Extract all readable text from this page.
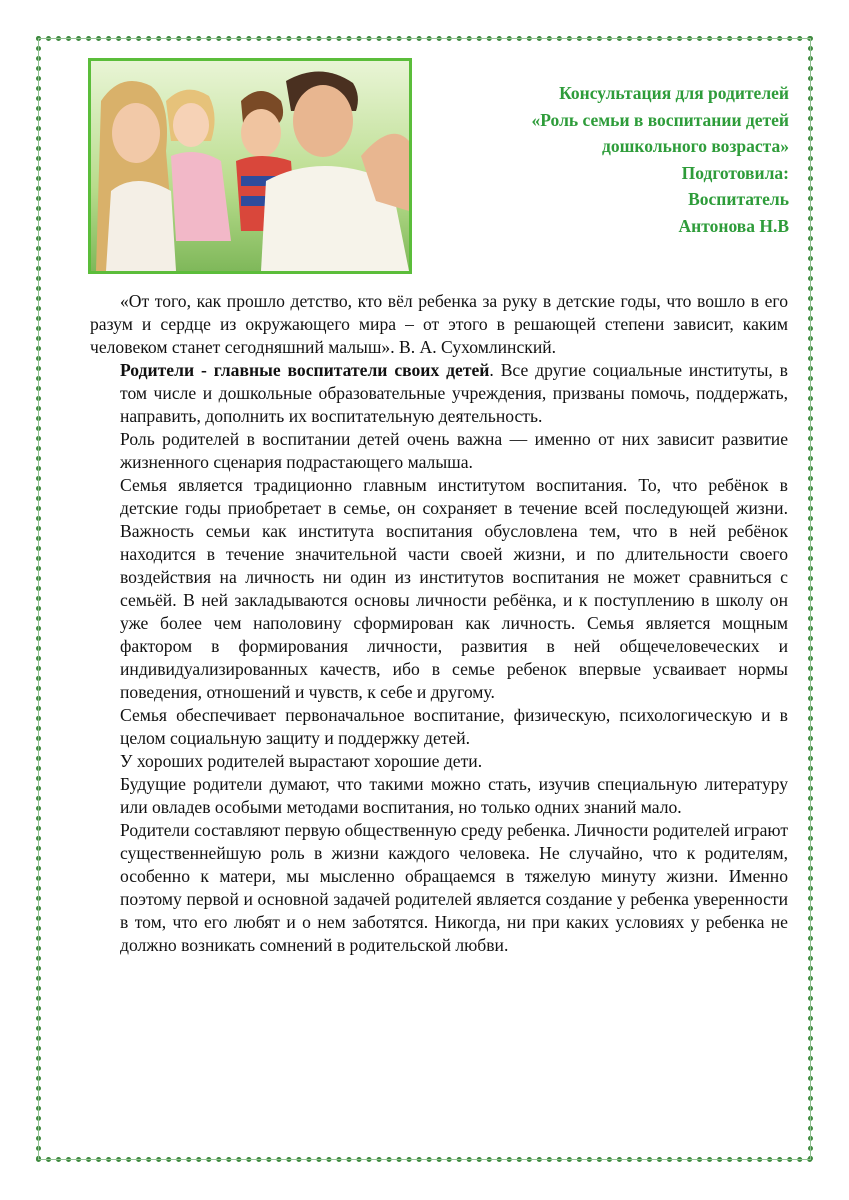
Консультация для родителей
«Роль семьи в воспитании детей
дошкольного возраста»
Подготовила:
Воспитатель
Антонова Н.В

«От того, как прошло детство, кто вёл ребенка за руку в детские годы, что вошло в его разум и сердце из окружающего мира – от этого в решающей степени зависит, каким человеком станет сегодняшний малыш». В. А. Сухомлинский.

Родители - главные воспитатели своих детей. Все другие социальные институты, в том числе и дошкольные образовательные учреждения, призваны помочь, поддержать, направить, дополнить их воспитательную деятельность.

Роль родителей в воспитании детей очень важна — именно от них зависит развитие жизненного сценария подрастающего малыша.

Семья является традиционно главным институтом воспитания. То, что ребёнок в детские годы приобретает в семье, он сохраняет в течение всей последующей жизни. Важность семьи как института воспитания обусловлена тем, что в ней ребёнок находится в течение значительной части своей жизни, и по длительности своего воздействия на личность ни один из институтов воспитания не может сравниться с семьёй. В ней закладываются основы личности ребёнка, и к поступлению в школу он уже более чем наполовину сформирован как личность. Семья является мощным фактором в формирования личности, развития в ней общечеловеческих и индивидуализированных качеств, ибо в семье ребенок впервые усваивает нормы поведения, отношений и чувств, к себе и другому.

Семья обеспечивает первоначальное воспитание, физическую, психологическую и в целом социальную защиту и поддержку детей.

У хороших родителей вырастают хорошие дети.

Будущие родители думают, что такими можно стать, изучив специальную литературу или овладев особыми методами воспитания, но только одних знаний мало.

Родители составляют первую общественную среду ребенка. Личности родителей играют существеннейшую роль в жизни каждого человека. Не случайно, что к родителям, особенно к матери, мы мысленно обращаемся в тяжелую минуту жизни. Именно поэтому первой и основной задачей родителей является создание у ребенка уверенности в том, что его любят и о нем заботятся. Никогда, ни при каких условиях у ребенка не должно возникать сомнений в родительской любви.
